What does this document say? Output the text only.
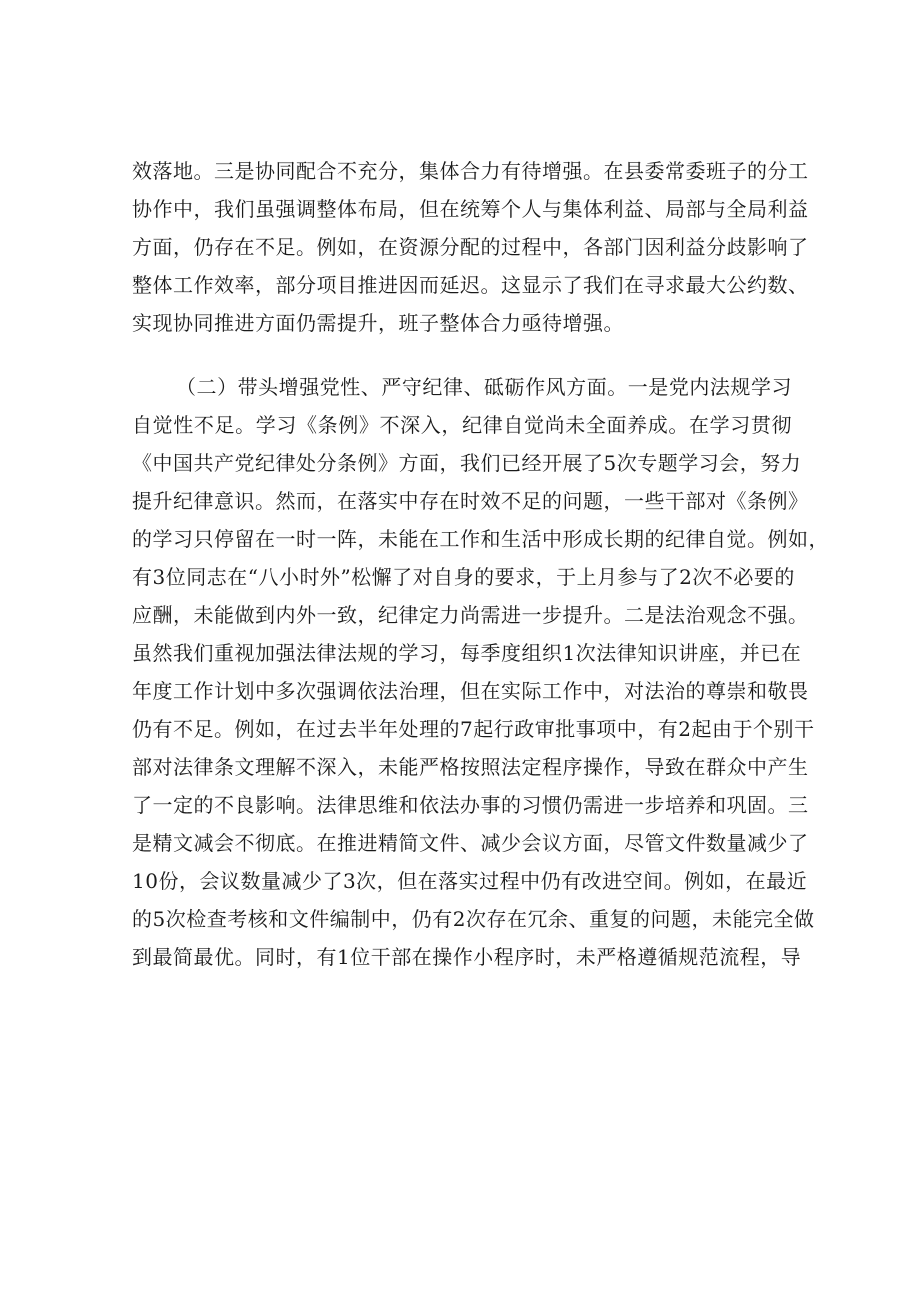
效落地。三是协同配合不充分，集体合力有待增强。在县委常委班子的分工
协作中，我们虽强调整体布局，但在统筹个人与集体利益、局部与全局利益
方面，仍存在不足。例如，在资源分配的过程中，各部门因利益分歧影响了
整体工作效率，部分项目推进因而延迟。这显示了我们在寻求最大公约数、
实现协同推进方面仍需提升，班子整体合力亟待增强。
（二）带头增强党性、严守纪律、砥砺作风方面。一是党内法规学习
自觉性不足。学习《条例》不深入，纪律自觉尚未全面养成。在学习贯彻
《中国共产党纪律处分条例》方面，我们已经开展了5次专题学习会，努力
提升纪律意识。然而，在落实中存在时效不足的问题，一些干部对《条例》
的学习只停留在一时一阵，未能在工作和生活中形成长期的纪律自觉。例如，
有3位同志在“八小时外”松懈了对自身的要求，于上月参与了2次不必要的
应酬，未能做到内外一致，纪律定力尚需进一步提升。二是法治观念不强。
虽然我们重视加强法律法规的学习，每季度组织1次法律知识讲座，并已在
年度工作计划中多次强调依法治理，但在实际工作中，对法治的尊崇和敬畏
仍有不足。例如，在过去半年处理的7起行政审批事项中，有2起由于个别干
部对法律条文理解不深入，未能严格按照法定程序操作，导致在群众中产生
了一定的不良影响。法律思维和依法办事的习惯仍需进一步培养和巩固。三
是精文减会不彻底。在推进精简文件、减少会议方面，尽管文件数量减少了
10份，会议数量减少了3次，但在落实过程中仍有改进空间。例如，在最近
的5次检查考核和文件编制中，仍有2次存在冗余、重复的问题，未能完全做
到最简最优。同时，有1位干部在操作小程序时，未严格遵循规范流程，导
